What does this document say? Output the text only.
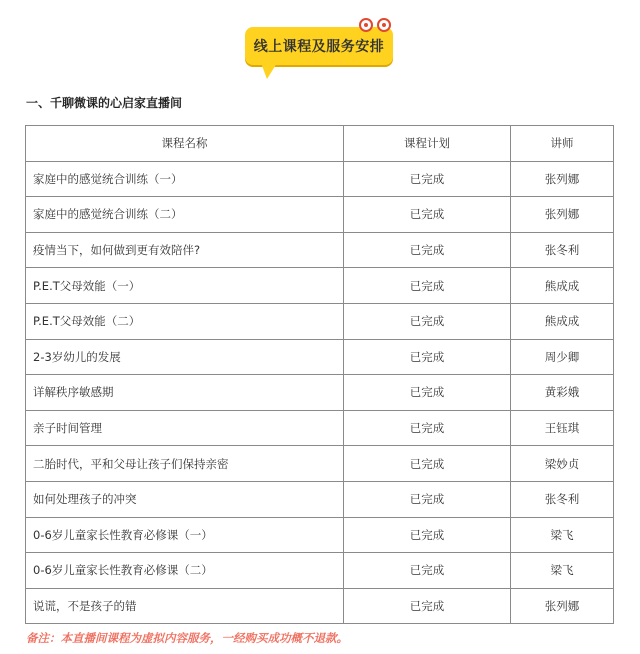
线上课程及服务安排
一、千聊微课的心启家直播间
课程名称	课程计划	讲师
家庭中的感觉统合训练（一）	已完成	张列娜
家庭中的感觉统合训练（二）	已完成	张列娜
疫情当下，如何做到更有效陪伴?	已完成	张冬利
P.E.T父母效能（一）	已完成	熊成成
P.E.T父母效能（二）	已完成	熊成成
2-3岁幼儿的发展	已完成	周少卿
详解秩序敏感期	已完成	黄彩娥
亲子时间管理	已完成	王钰琪
二胎时代，平和父母让孩子们保持亲密	已完成	梁妙贞
如何处理孩子的冲突	已完成	张冬利
0-6岁儿童家长性教育必修课（一）	已完成	梁飞
0-6岁儿童家长性教育必修课（二）	已完成	梁飞
说谎，不是孩子的错	已完成	张列娜
备注：本直播间课程为虚拟内容服务，一经购买成功概不退款。
